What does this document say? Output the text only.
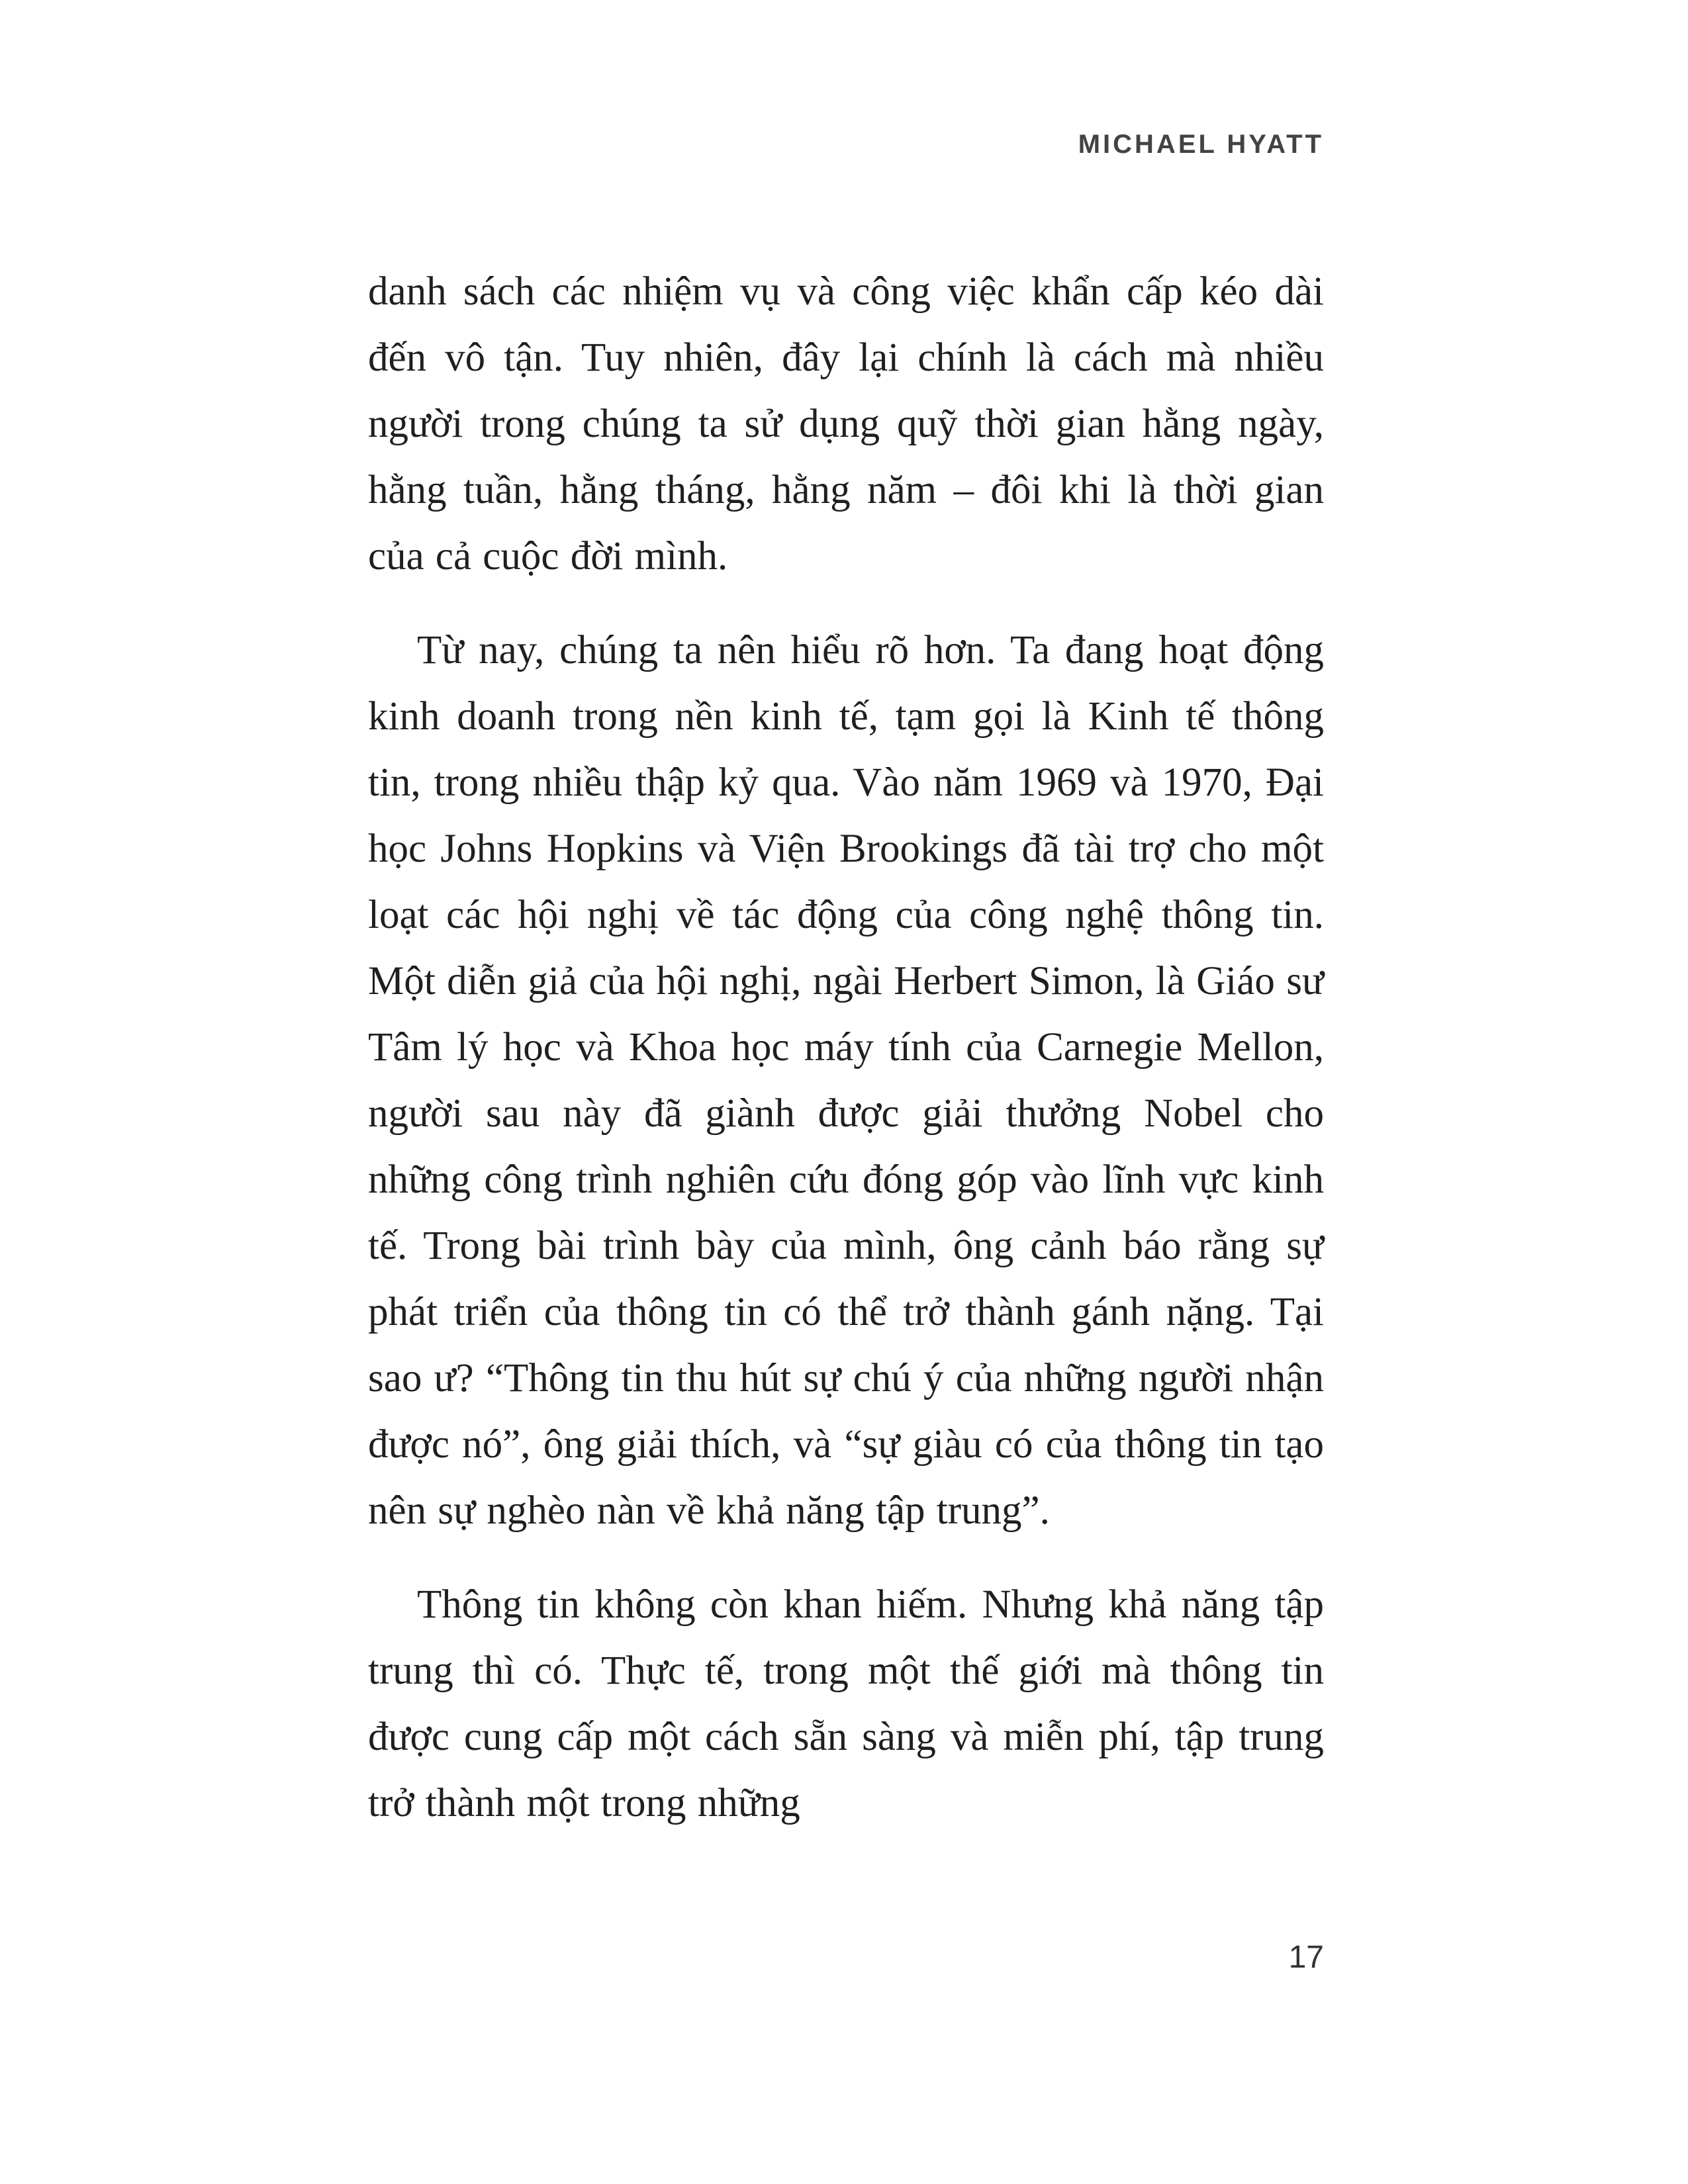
MICHAEL HYATT

danh sách các nhiệm vụ và công việc khẩn cấp kéo dài đến vô tận. Tuy nhiên, đây lại chính là cách mà nhiều người trong chúng ta sử dụng quỹ thời gian hằng ngày, hằng tuần, hằng tháng, hằng năm – đôi khi là thời gian của cả cuộc đời mình.

Từ nay, chúng ta nên hiểu rõ hơn. Ta đang hoạt động kinh doanh trong nền kinh tế, tạm gọi là Kinh tế thông tin, trong nhiều thập kỷ qua. Vào năm 1969 và 1970, Đại học Johns Hopkins và Viện Brookings đã tài trợ cho một loạt các hội nghị về tác động của công nghệ thông tin. Một diễn giả của hội nghị, ngài Herbert Simon, là Giáo sư Tâm lý học và Khoa học máy tính của Carnegie Mellon, người sau này đã giành được giải thưởng Nobel cho những công trình nghiên cứu đóng góp vào lĩnh vực kinh tế. Trong bài trình bày của mình, ông cảnh báo rằng sự phát triển của thông tin có thể trở thành gánh nặng. Tại sao ư? “Thông tin thu hút sự chú ý của những người nhận được nó”, ông giải thích, và “sự giàu có của thông tin tạo nên sự nghèo nàn về khả năng tập trung”.

Thông tin không còn khan hiếm. Nhưng khả năng tập trung thì có. Thực tế, trong một thế giới mà thông tin được cung cấp một cách sẵn sàng và miễn phí, tập trung trở thành một trong những

17
